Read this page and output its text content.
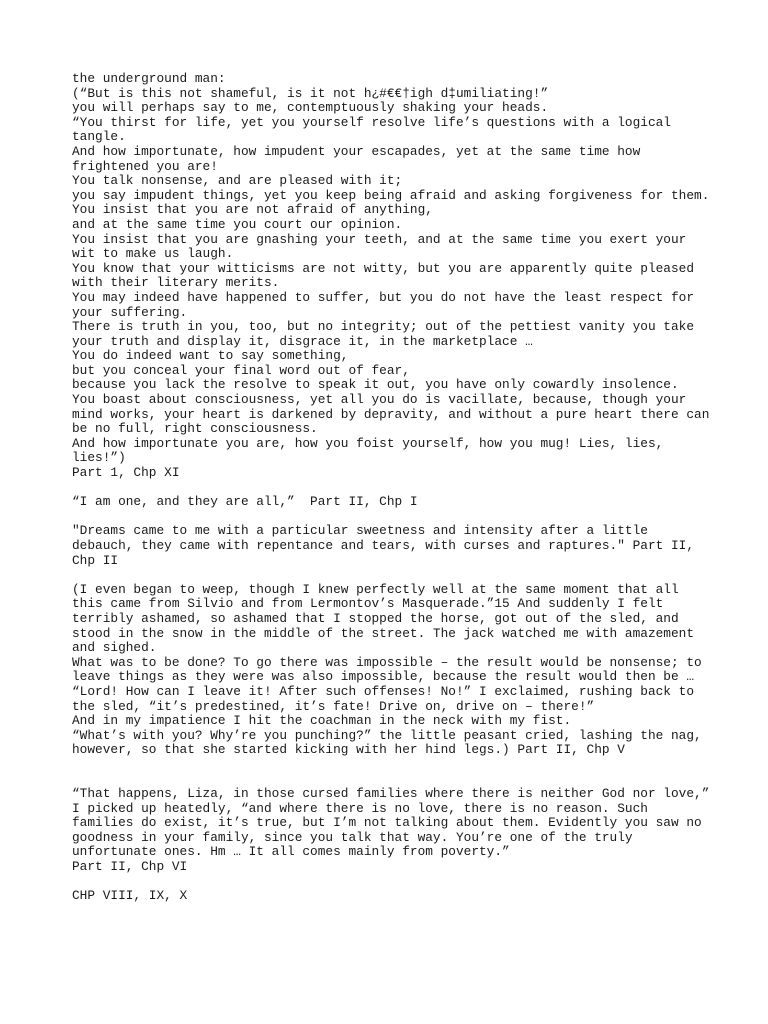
the underground man:
(“But is this not shameful, is it not h¿#€€†igh d‡umiliating!”
you will perhaps say to me, contemptuously shaking your heads.
“You thirst for life, yet you yourself resolve life’s questions with a logical
tangle.
And how importunate, how impudent your escapades, yet at the same time how
frightened you are!
You talk nonsense, and are pleased with it;
you say impudent things, yet you keep being afraid and asking forgiveness for them.
You insist that you are not afraid of anything,
and at the same time you court our opinion.
You insist that you are gnashing your teeth, and at the same time you exert your
wit to make us laugh.
You know that your witticisms are not witty, but you are apparently quite pleased
with their literary merits.
You may indeed have happened to suffer, but you do not have the least respect for
your suffering.
There is truth in you, too, but no integrity; out of the pettiest vanity you take
your truth and display it, disgrace it, in the marketplace …
You do indeed want to say something,
but you conceal your final word out of fear,
because you lack the resolve to speak it out, you have only cowardly insolence.
You boast about consciousness, yet all you do is vacillate, because, though your
mind works, your heart is darkened by depravity, and without a pure heart there can
be no full, right consciousness.
And how importunate you are, how you foist yourself, how you mug! Lies, lies,
lies!”)
Part 1, Chp XI
“I am one, and they are all,”  Part II, Chp I
"Dreams came to me with a particular sweetness and intensity after a little
debauch, they came with repentance and tears, with curses and raptures." Part II,
Chp II
(I even began to weep, though I knew perfectly well at the same moment that all
this came from Silvio and from Lermontov’s Masquerade.”15 And suddenly I felt
terribly ashamed, so ashamed that I stopped the horse, got out of the sled, and
stood in the snow in the middle of the street. The jack watched me with amazement
and sighed.
What was to be done? To go there was impossible – the result would be nonsense; to
leave things as they were was also impossible, because the result would then be …
“Lord! How can I leave it! After such offenses! No!” I exclaimed, rushing back to
the sled, “it’s predestined, it’s fate! Drive on, drive on – there!”
And in my impatience I hit the coachman in the neck with my fist.
“What’s with you? Why’re you punching?” the little peasant cried, lashing the nag,
however, so that she started kicking with her hind legs.) Part II, Chp V
“That happens, Liza, in those cursed families where there is neither God nor love,”
I picked up heatedly, “and where there is no love, there is no reason. Such
families do exist, it’s true, but I’m not talking about them. Evidently you saw no
goodness in your family, since you talk that way. You’re one of the truly
unfortunate ones. Hm … It all comes mainly from poverty.”
Part II, Chp VI
CHP VIII, IX, X
